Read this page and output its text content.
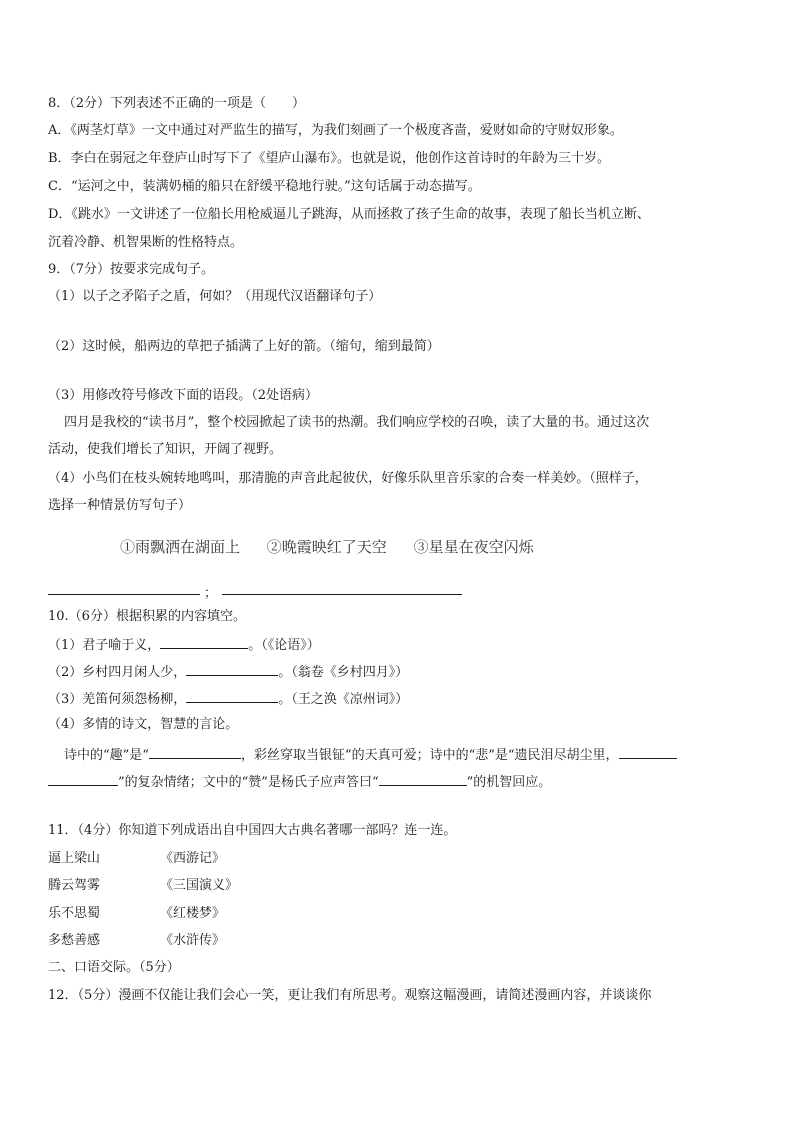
8．（2分）下列表述不正确的一项是（　　）
A．《两茎灯草》一文中通过对严监生的描写，为我们刻画了一个极度吝啬，爱财如命的守财奴形象。
B．李白在弱冠之年登庐山时写下了《望庐山瀑布》。也就是说，他创作这首诗时的年龄为三十岁。
C．“运河之中，装满奶桶的船只在舒缓平稳地行驶。”这句话属于动态描写。
D．《跳水》一文讲述了一位船长用枪威逼儿子跳海，从而拯救了孩子生命的故事，表现了船长当机立断、
沉着冷静、机智果断的性格特点。
9．（7分）按要求完成句子。
（1）以子之矛陷子之盾，何如？（用现代汉语翻译句子）
（2）这时候，船两边的草把子插满了上好的箭。（缩句，缩到最简）
（3）用修改符号修改下面的语段。（2处语病）
四月是我校的“读书月”，整个校园掀起了读书的热潮。我们响应学校的召唤，读了大量的书。通过这次
活动，使我们增长了知识，开阔了视野。
（4）小鸟们在枝头婉转地鸣叫，那清脆的声音此起彼伏，好像乐队里音乐家的合奏一样美妙。（照样子，
选择一种情景仿写句子）
①雨飘洒在湖面上 ②晚霞映红了天空 ③星星在夜空闪烁
；
10.（6分）根据积累的内容填空。
（1）君子喻于义，	。（《论语》）
（2）乡村四月闲人少，	。（翁卷《乡村四月》）
（3）羌笛何须怨杨柳，	。（王之涣《凉州词》）
（4）多情的诗文，智慧的言论。
诗中的“趣”是“	，彩丝穿取当银钲”的天真可爱；诗中的“悲”是“遗民泪尽胡尘里，
”的复杂情绪；文中的“赞”是杨氏子应声答曰“	”的机智回应。
11．（4分）你知道下列成语出自中国四大古典名著哪一部吗？连一连。
逼上梁山	《西游记》
腾云驾雾	《三国演义》
乐不思蜀	《红楼梦》
多愁善感	《水浒传》
二、口语交际。（5分）
12．（5分）漫画不仅能让我们会心一笑，更让我们有所思考。观察这幅漫画，请简述漫画内容，并谈谈你
